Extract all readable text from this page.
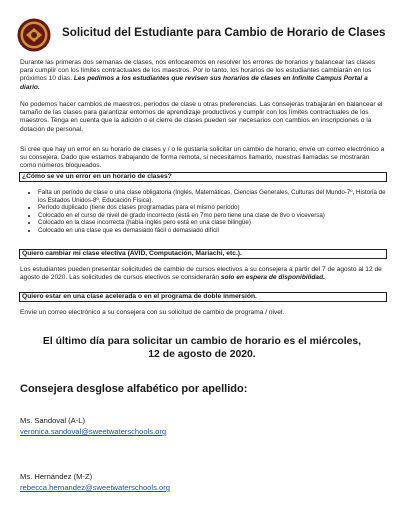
Solicitud del Estudiante para Cambio de Horario de Clases
Durante las primeras dos semanas de clases, nos enfocaremos en resolver los errores de horarios y balancear las clases para cumplir con los límites contractuales de los maestros. Por lo tanto, los horarios de los estudiantes cambiarán en los próximos 10 días. Les pedimos a los estudiantes que revisen sus horarios de clases en Infinite Campus Portal a diario.
No podemos hacer cambios de maestros, períodos de clase u otras preferencias. Las consejeras trabajarán en balancear el tamaño de las clases para garantizar entornos de aprendizaje productivos y cumplir con los límites contractuales de los maestros. Tenga en cuenta que la adición o el cierre de clases pueden ser necesarios con cambios en inscripciones o la dotación de personal.
Si cree que hay un error en su horario de clases y / o le gustaría solicitar un cambio de horario, envíe un correo electrónico a su consejera. Dado que estamos trabajando de forma remota, si necesitamos llamarlo, nuestras llamadas se mostrarán como números bloqueados.
¿Cómo se ve un error en un horario de clases?
• Falta un período de clase o una clase obligatoria (Inglés, Matemáticas, Ciencias Generales, Culturas del Mundo-7º, Historia de los Estados Unidos-8º, Educación Física).
• Período duplicado (tiene dos clases programadas para el mismo período)
• Colocado en el curso de nivel de grado incorrecto (está en 7mo pero tiene una clase de 8vo o viceversa)
• Colocado en la clase incorrecta (había inglés pero está en una clase bilingüe)
• Colocado en una clase que es demasiado fácil o demasiado difícil
Quiero cambiar mi clase electiva (AVID, Computación, Mariachi, etc.).
Los estudiantes pueden presentar solicitudes de cambio de cursos electivos a su consejera a partir del 7 de agosto al 12 de agosto de 2020. Las solicitudes de cursos electivos se considerarán solo en espera de disponibilidad.
Quiero estar en una clase acelerada o en el programa de doble inmersión.
Envíe un correo electrónico a su consejera con su solicitud de cambio de programa / nivel.
El último día para solicitar un cambio de horario es el miércoles,
12 de agosto de 2020.
Consejera desglose alfabético por apellido:
Ms. Sandoval (A-L)
veronica.sandoval@sweetwaterschools.org
Ms. Hernández (M-Z)
rebecca.hernandez@sweetwaterschools.org
